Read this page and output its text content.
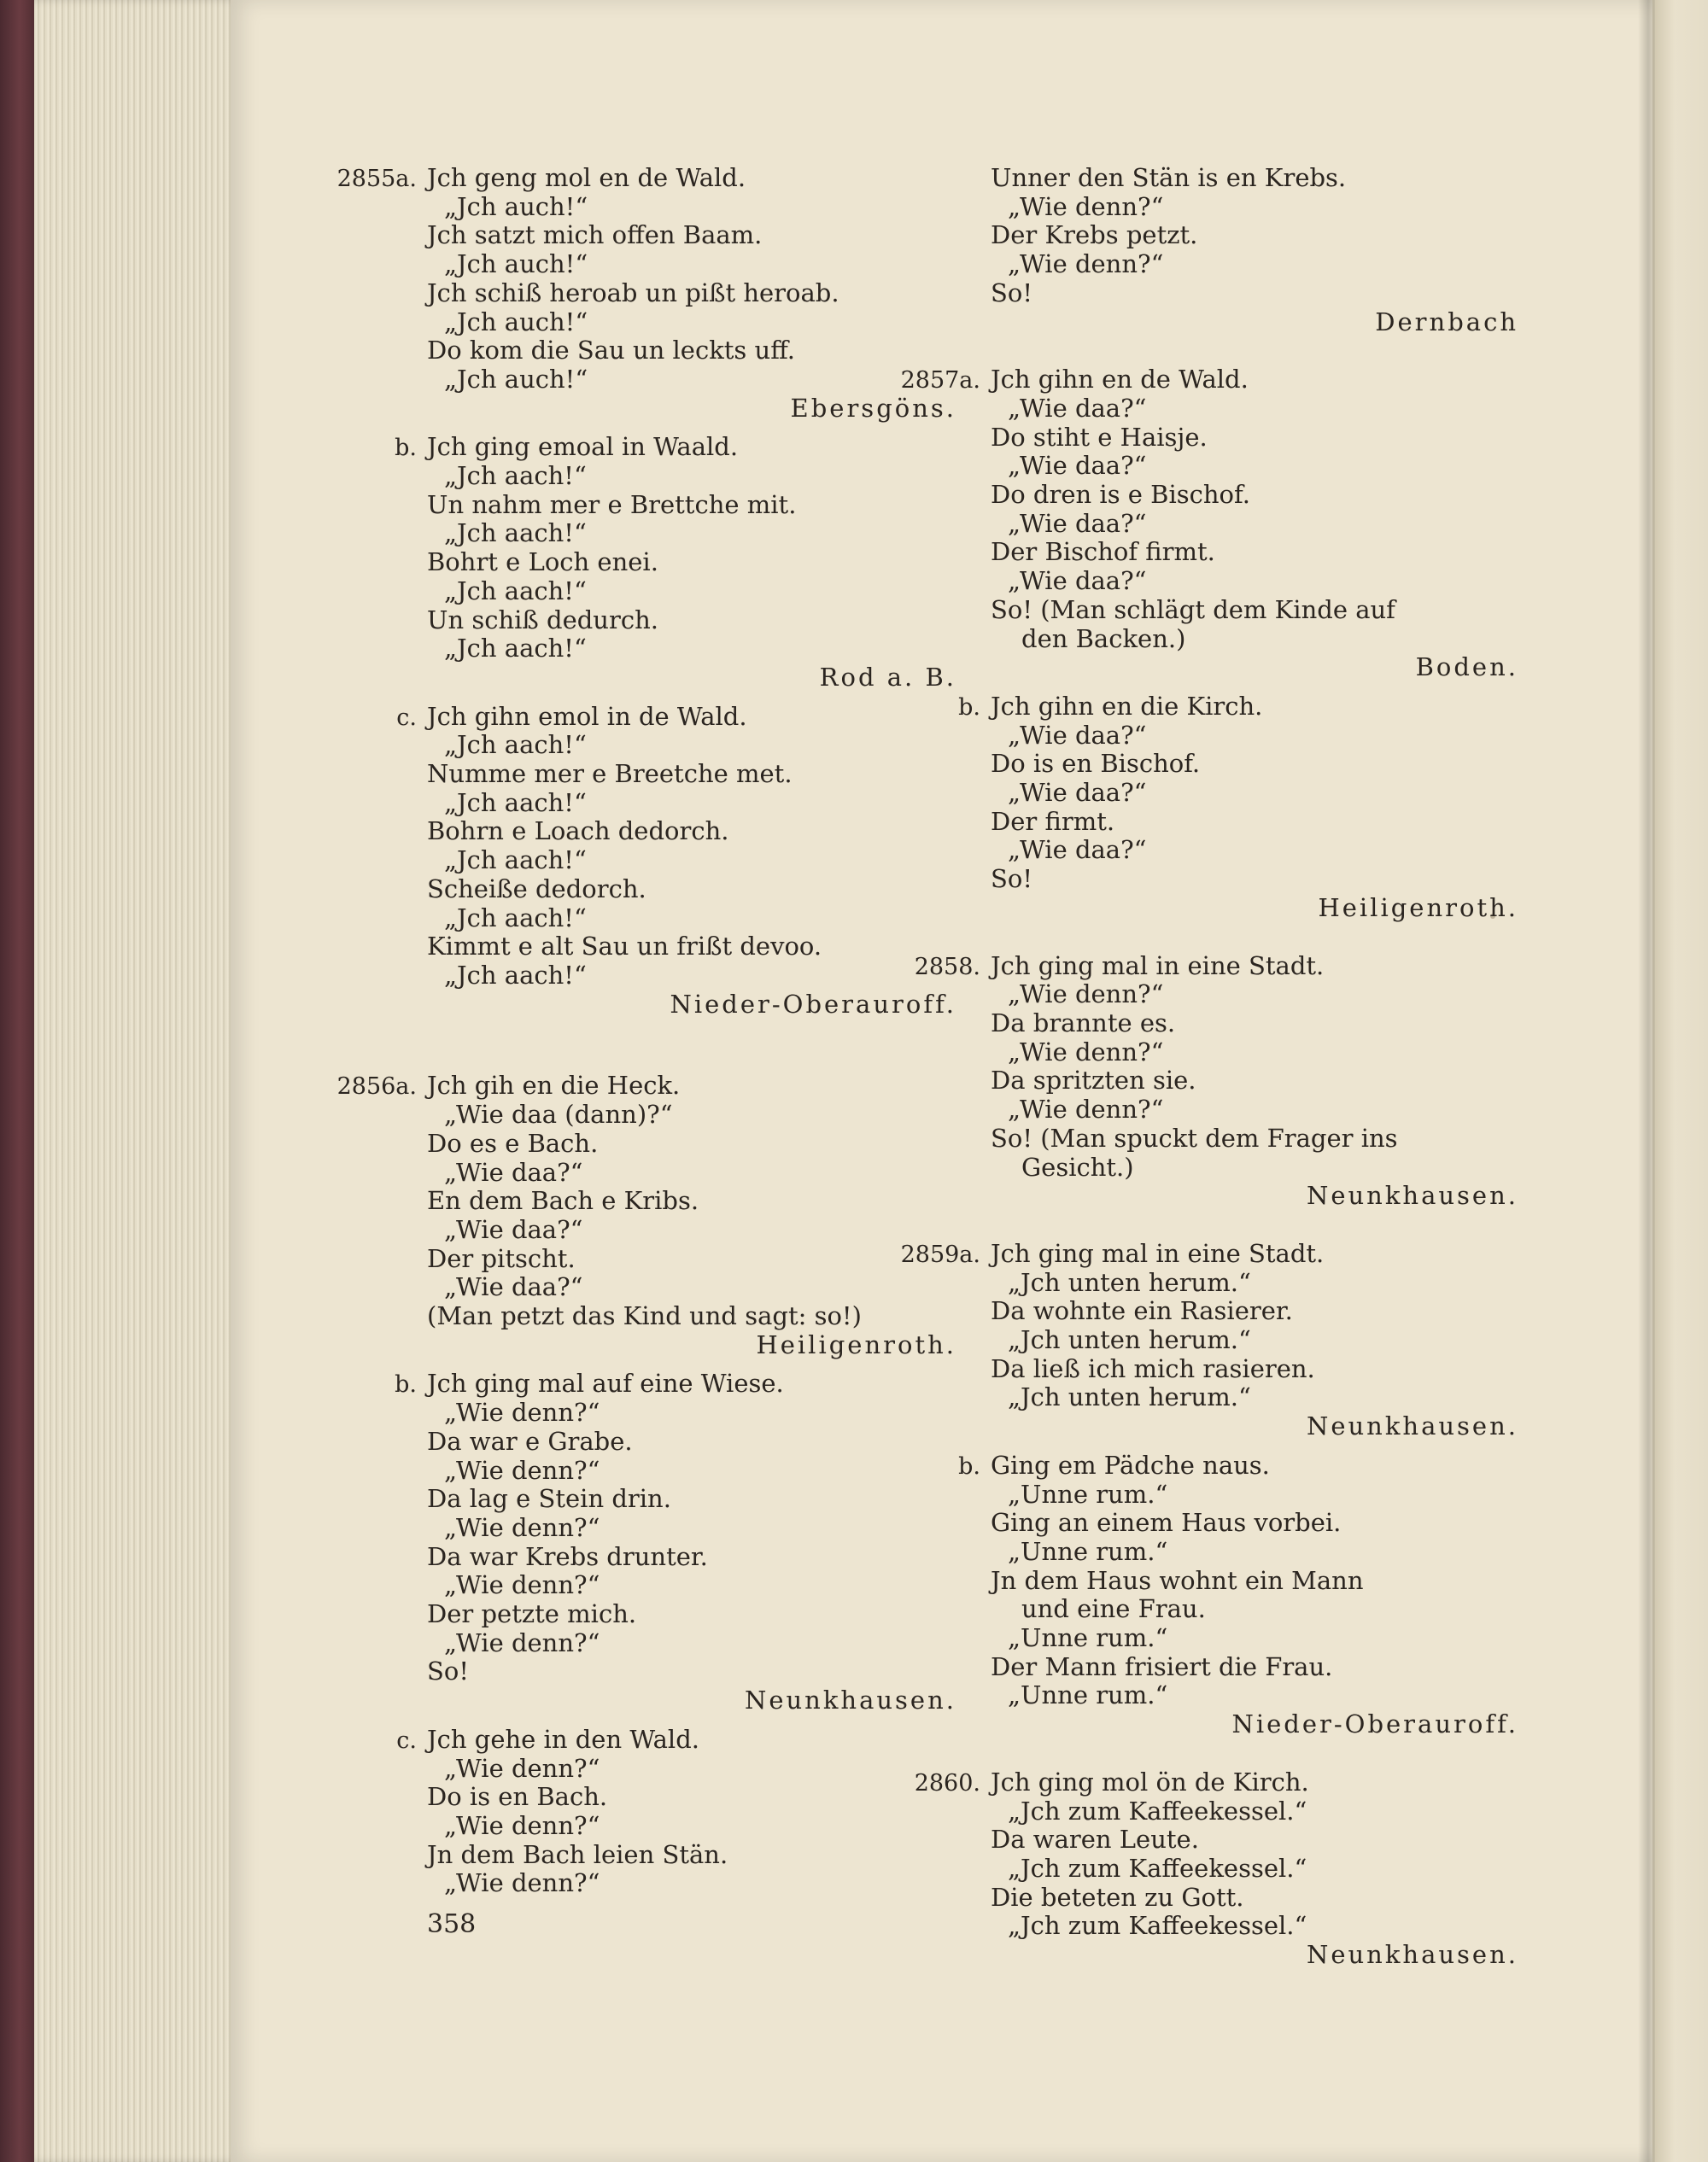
2855a. Jch geng mol en de Wald.
„Jch auch!“
Jch satzt mich offen Baam.
„Jch auch!“
Jch schiß heroab un pißt heroab.
„Jch auch!“
Do kom die Sau un leckts uff.
„Jch auch!“
Ebersgöns.
b. Jch ging emoal in Waald.
„Jch aach!“
Un nahm mer e Brettche mit.
„Jch aach!“
Bohrt e Loch enei.
„Jch aach!“
Un schiß dedurch.
„Jch aach!“
Rod a. B.
c. Jch gihn emol in de Wald.
„Jch aach!“
Numme mer e Breetche met.
„Jch aach!“
Bohrn e Loach dedorch.
„Jch aach!“
Scheiße dedorch.
„Jch aach!“
Kimmt e alt Sau un frißt devoo.
„Jch aach!“
Nieder-Oberauroff.
2856a. Jch gih en die Heck.
„Wie daa (dann)?“
Do es e Bach.
„Wie daa?“
En dem Bach e Kribs.
„Wie daa?“
Der pitscht.
„Wie daa?“
(Man petzt das Kind und sagt: so!)
Heiligenroth.
b. Jch ging mal auf eine Wiese.
„Wie denn?“
Da war e Grabe.
„Wie denn?“
Da lag e Stein drin.
„Wie denn?“
Da war Krebs drunter.
„Wie denn?“
Der petzte mich.
„Wie denn?“
So!
Neunkhausen.
c. Jch gehe in den Wald.
„Wie denn?“
Do is en Bach.
„Wie denn?“
Jn dem Bach leien Stän.
„Wie denn?“
Unner den Stän is en Krebs.
„Wie denn?“
Der Krebs petzt.
„Wie denn?“
So!
Dernbach
2857a. Jch gihn en de Wald.
„Wie daa?“
Do stiht e Haisje.
„Wie daa?“
Do dren is e Bischof.
„Wie daa?“
Der Bischof firmt.
„Wie daa?“
So! (Man schlägt dem Kinde auf
den Backen.)
Boden.
b. Jch gihn en die Kirch.
„Wie daa?“
Do is en Bischof.
„Wie daa?“
Der firmt.
„Wie daa?“
So!
Heiligenroth.
2858. Jch ging mal in eine Stadt.
„Wie denn?“
Da brannte es.
„Wie denn?“
Da spritzten sie.
„Wie denn?“
So! (Man spuckt dem Frager ins
Gesicht.)
Neunkhausen.
2859a. Jch ging mal in eine Stadt.
„Jch unten herum.“
Da wohnte ein Rasierer.
„Jch unten herum.“
Da ließ ich mich rasieren.
„Jch unten herum.“
Neunkhausen.
b. Ging em Pädche naus.
„Unne rum.“
Ging an einem Haus vorbei.
„Unne rum.“
Jn dem Haus wohnt ein Mann
und eine Frau.
„Unne rum.“
Der Mann frisiert die Frau.
„Unne rum.“
Nieder-Oberauroff.
2860. Jch ging mol ön de Kirch.
„Jch zum Kaffeekessel.“
Da waren Leute.
„Jch zum Kaffeekessel.“
Die beteten zu Gott.
„Jch zum Kaffeekessel.“
Neunkhausen.
358
